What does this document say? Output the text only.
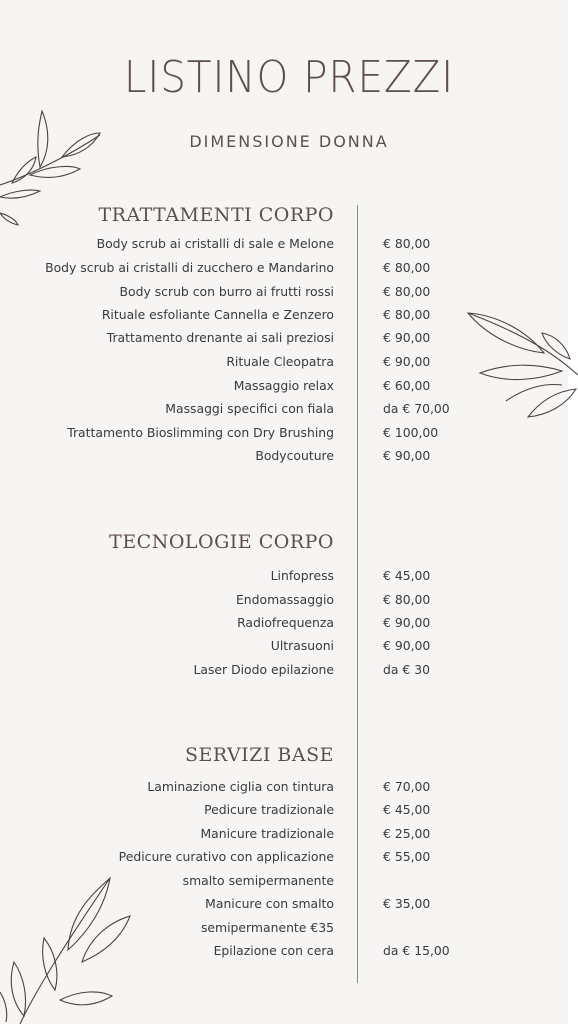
LISTINO PREZZI
DIMENSIONE DONNA
TRATTAMENTI CORPO
Body scrub ai cristalli di sale e Melone	€ 80,00
Body scrub ai cristalli di zucchero e Mandarino	€ 80,00
Body scrub con burro ai frutti rossi	€ 80,00
Rituale esfoliante Cannella e Zenzero	€ 80,00
Trattamento drenante ai sali preziosi	€ 90,00
Rituale Cleopatra	€ 90,00
Massaggio relax	€ 60,00
Massaggi specifici con fiala	da € 70,00
Trattamento Bioslimming con Dry Brushing	€ 100,00
Bodycouture	€ 90,00
TECNOLOGIE CORPO
Linfopress	€ 45,00
Endomassaggio	€ 80,00
Radiofrequenza	€ 90,00
Ultrasuoni	€ 90,00
Laser Diodo epilazione	da € 30
SERVIZI BASE
Laminazione ciglia con tintura	€ 70,00
Pedicure tradizionale	€ 45,00
Manicure tradizionale	€ 25,00
Pedicure curativo con applicazione	€ 55,00
smalto semipermanente
Manicure con smalto	€ 35,00
semipermanente €35
Epilazione con cera	da € 15,00
